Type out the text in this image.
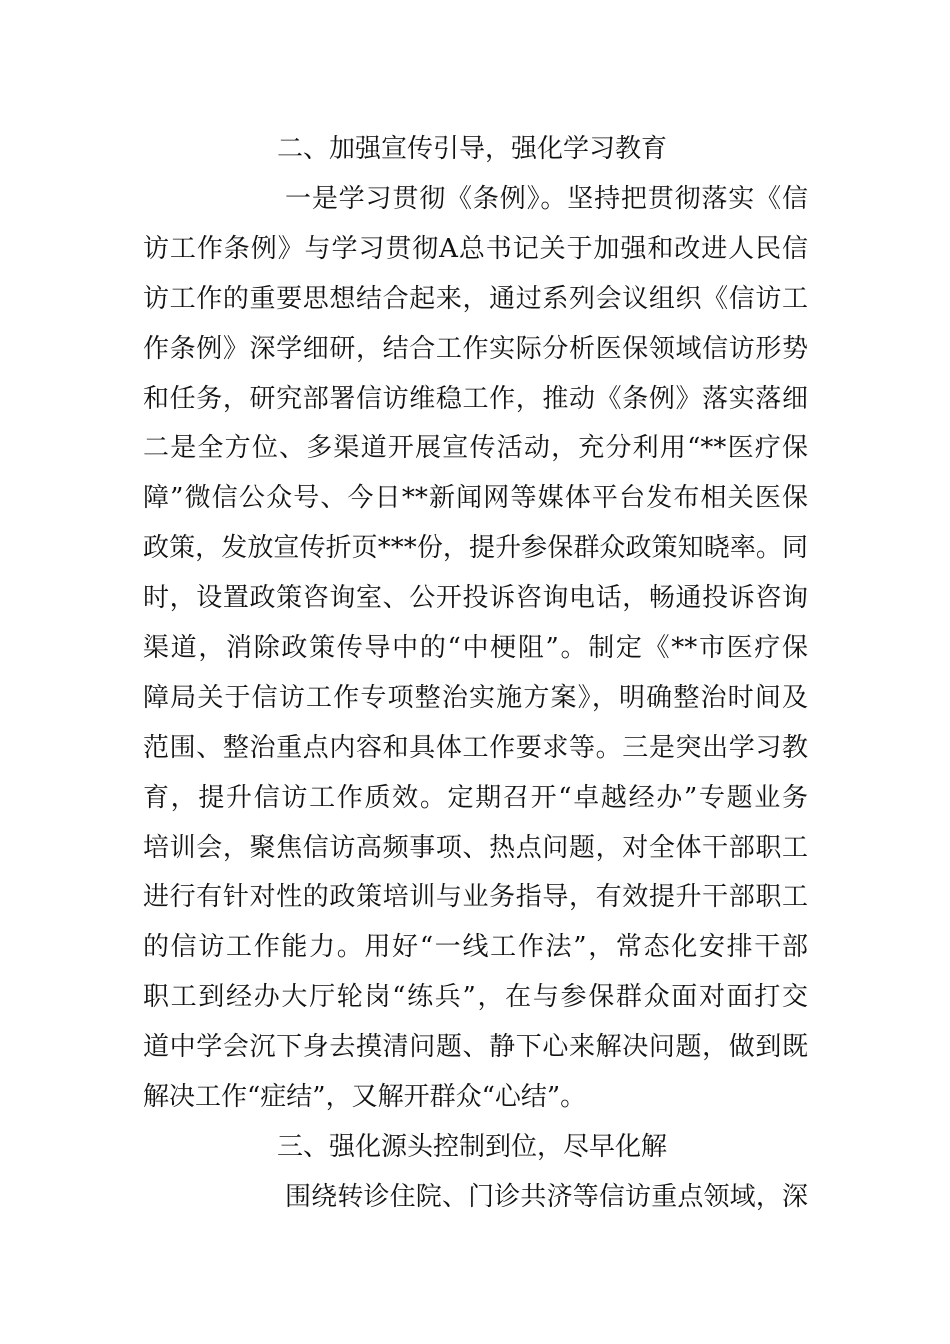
二、加强宣传引导，强化学习教育
一是学习贯彻《条例》。坚持把贯彻落实《信
访工作条例》与学习贯彻A总书记关于加强和改进人民信
访工作的重要思想结合起来，通过系列会议组织《信访工
作条例》深学细研，结合工作实际分析医保领域信访形势
和任务，研究部署信访维稳工作，推动《条例》落实落细
二是全方位、多渠道开展宣传活动，充分利用“**医疗保
障”微信公众号、今日**新闻网等媒体平台发布相关医保
政策，发放宣传折页***份，提升参保群众政策知晓率。同
时，设置政策咨询室、公开投诉咨询电话，畅通投诉咨询
渠道，消除政策传导中的“中梗阻”。制定《**市医疗保
障局关于信访工作专项整治实施方案》，明确整治时间及
范围、整治重点内容和具体工作要求等。三是突出学习教
育，提升信访工作质效。定期召开“卓越经办”专题业务
培训会，聚焦信访高频事项、热点问题，对全体干部职工
进行有针对性的政策培训与业务指导，有效提升干部职工
的信访工作能力。用好“一线工作法”，常态化安排干部
职工到经办大厅轮岗“练兵”，在与参保群众面对面打交
道中学会沉下身去摸清问题、静下心来解决问题，做到既
解决工作“症结”，又解开群众“心结”。
三、强化源头控制到位，尽早化解
围绕转诊住院、门诊共济等信访重点领域，深
